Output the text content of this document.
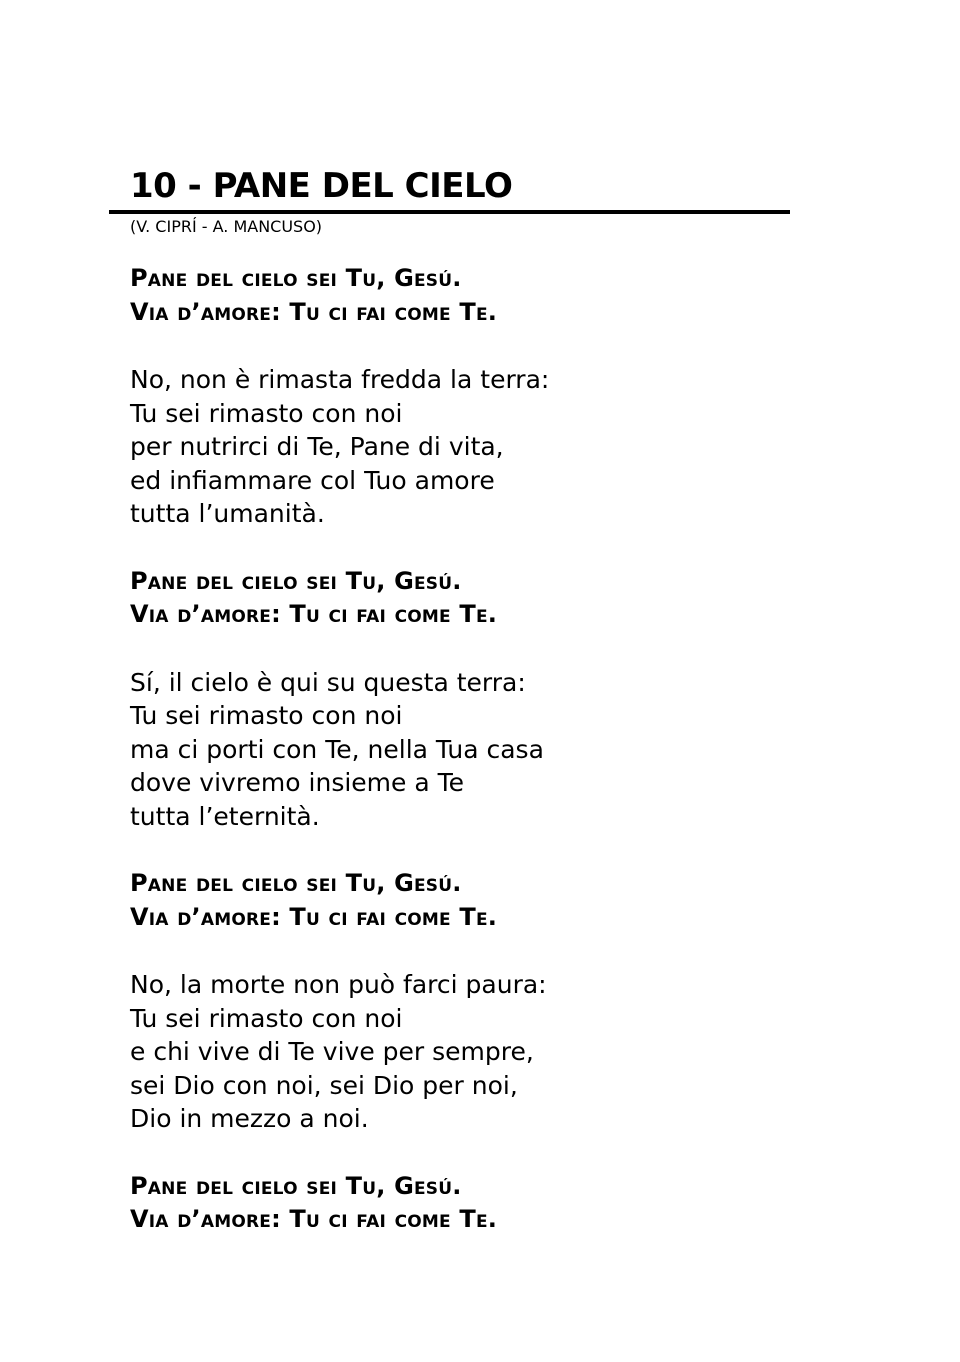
10 - PANE DEL CIELO
(V. CIPRÍ - A. MANCUSO)
Pane del cielo sei Tu, Gesú.
Via d’amore: Tu ci fai come Te.
No, non è rimasta fredda la terra:
Tu sei rimasto con noi
per nutrirci di Te, Pane di vita,
ed infiammare col Tuo amore
tutta l’umanità.
Pane del cielo sei Tu, Gesú.
Via d’amore: Tu ci fai come Te.
Sí, il cielo è qui su questa terra:
Tu sei rimasto con noi
ma ci porti con Te, nella Tua casa
dove vivremo insieme a Te
tutta l’eternità.
Pane del cielo sei Tu, Gesú.
Via d’amore: Tu ci fai come Te.
No, la morte non può farci paura:
Tu sei rimasto con noi
e chi vive di Te vive per sempre,
sei Dio con noi, sei Dio per noi,
Dio in mezzo a noi.
Pane del cielo sei Tu, Gesú.
Via d’amore: Tu ci fai come Te.
